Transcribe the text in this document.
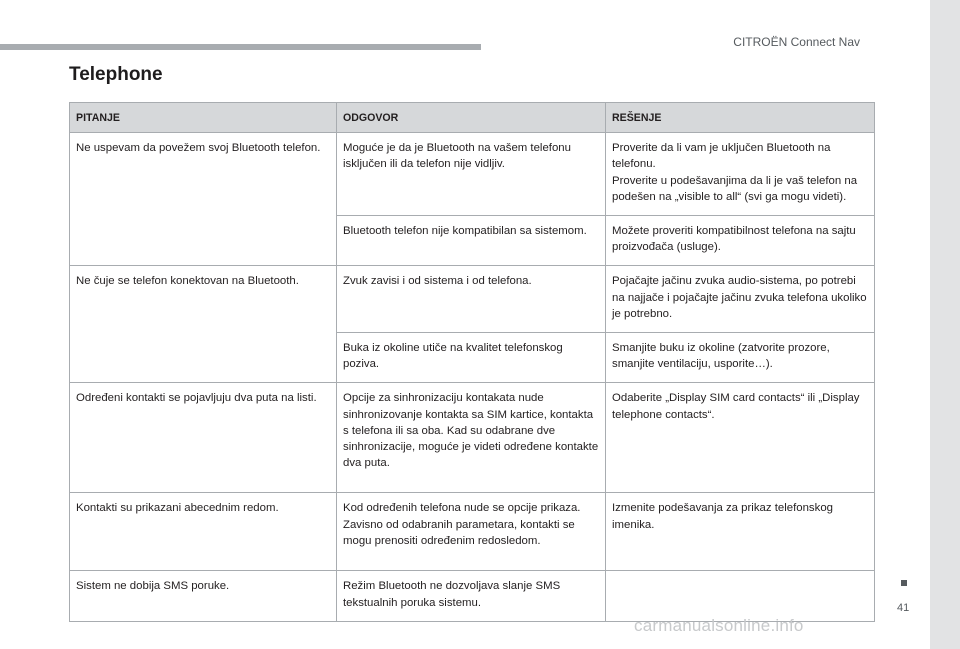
CITROËN Connect Nav
Telephone
PITANJE	ODGOVOR	REŠENJE

Ne uspevam da povežem svoj Bluetooth telefon.	Moguće je da je Bluetooth na vašem telefonu isključen ili da telefon nije vidljiv.	Proverite da li vam je uključen Bluetooth na telefonu.
Proverite u podešavanjima da li je vaš telefon na podešen na „visible to all“ (svi ga mogu videti).

	Bluetooth telefon nije kompatibilan sa sistemom.	Možete proveriti kompatibilnost telefona na sajtu proizvođača (usluge).

Ne čuje se telefon konektovan na Bluetooth.	Zvuk zavisi i od sistema i od telefona.	Pojačajte jačinu zvuka audio-sistema, po potrebi na najjače i pojačajte jačinu zvuka telefona ukoliko je potrebno.

	Buka iz okoline utiče na kvalitet telefonskog poziva.	Smanjite buku iz okoline (zatvorite prozore, smanjite ventilaciju, usporite…).

Određeni kontakti se pojavljuju dva puta na listi.	Opcije za sinhronizaciju kontakata nude sinhronizovanje kontakta sa SIM kartice, kontakta s telefona ili sa oba. Kad su odabrane dve sinhronizacije, moguće je videti određene kontakte dva puta.	Odaberite „Display SIM card contacts“ ili „Display telephone contacts“.

Kontakti su prikazani abecednim redom.	Kod određenih telefona nude se opcije prikaza. Zavisno od odabranih parametara, kontakti se mogu prenositi određenim redosledom.	Izmenite podešavanja za prikaz telefonskog imenika.

Sistem ne dobija SMS poruke.	Režim Bluetooth ne dozvoljava slanje SMS tekstualnih poruka sistemu.	
		41
carmanualsonline.info
